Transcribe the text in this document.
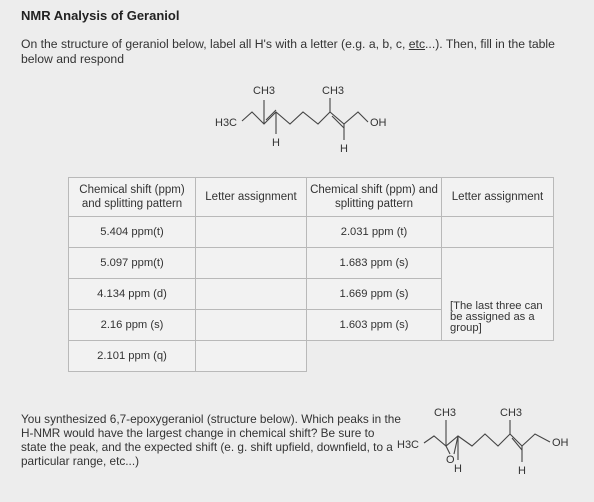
NMR Analysis of Geraniol
On the structure of geraniol below, label all H's with a letter (e.g. a, b, c, etc...). Then, fill in the table below and respond
CH3	CH3
H3C	OH
H	H
Chemical shift (ppm) and splitting pattern	Letter assignment	Chemical shift (ppm) and splitting pattern	Letter assignment
5.404 ppm(t)		2.031 ppm (t)	
5.097 ppm(t)		1.683 ppm (s)	[The last three can be assigned as a group]
4.134 ppm (d)		1.669 ppm (s)	
2.16 ppm (s)		1.603 ppm (s)	
2.101 ppm (q)			
You synthesized 6,7-epoxygeraniol (structure below). Which peaks in the H-NMR would have the largest change in chemical shift? Be sure to state the peak, and the expected shift (e. g. shift upfield, downfield, to a particular range, etc...)
CH3	CH3
H3C
O
OH
H	H
